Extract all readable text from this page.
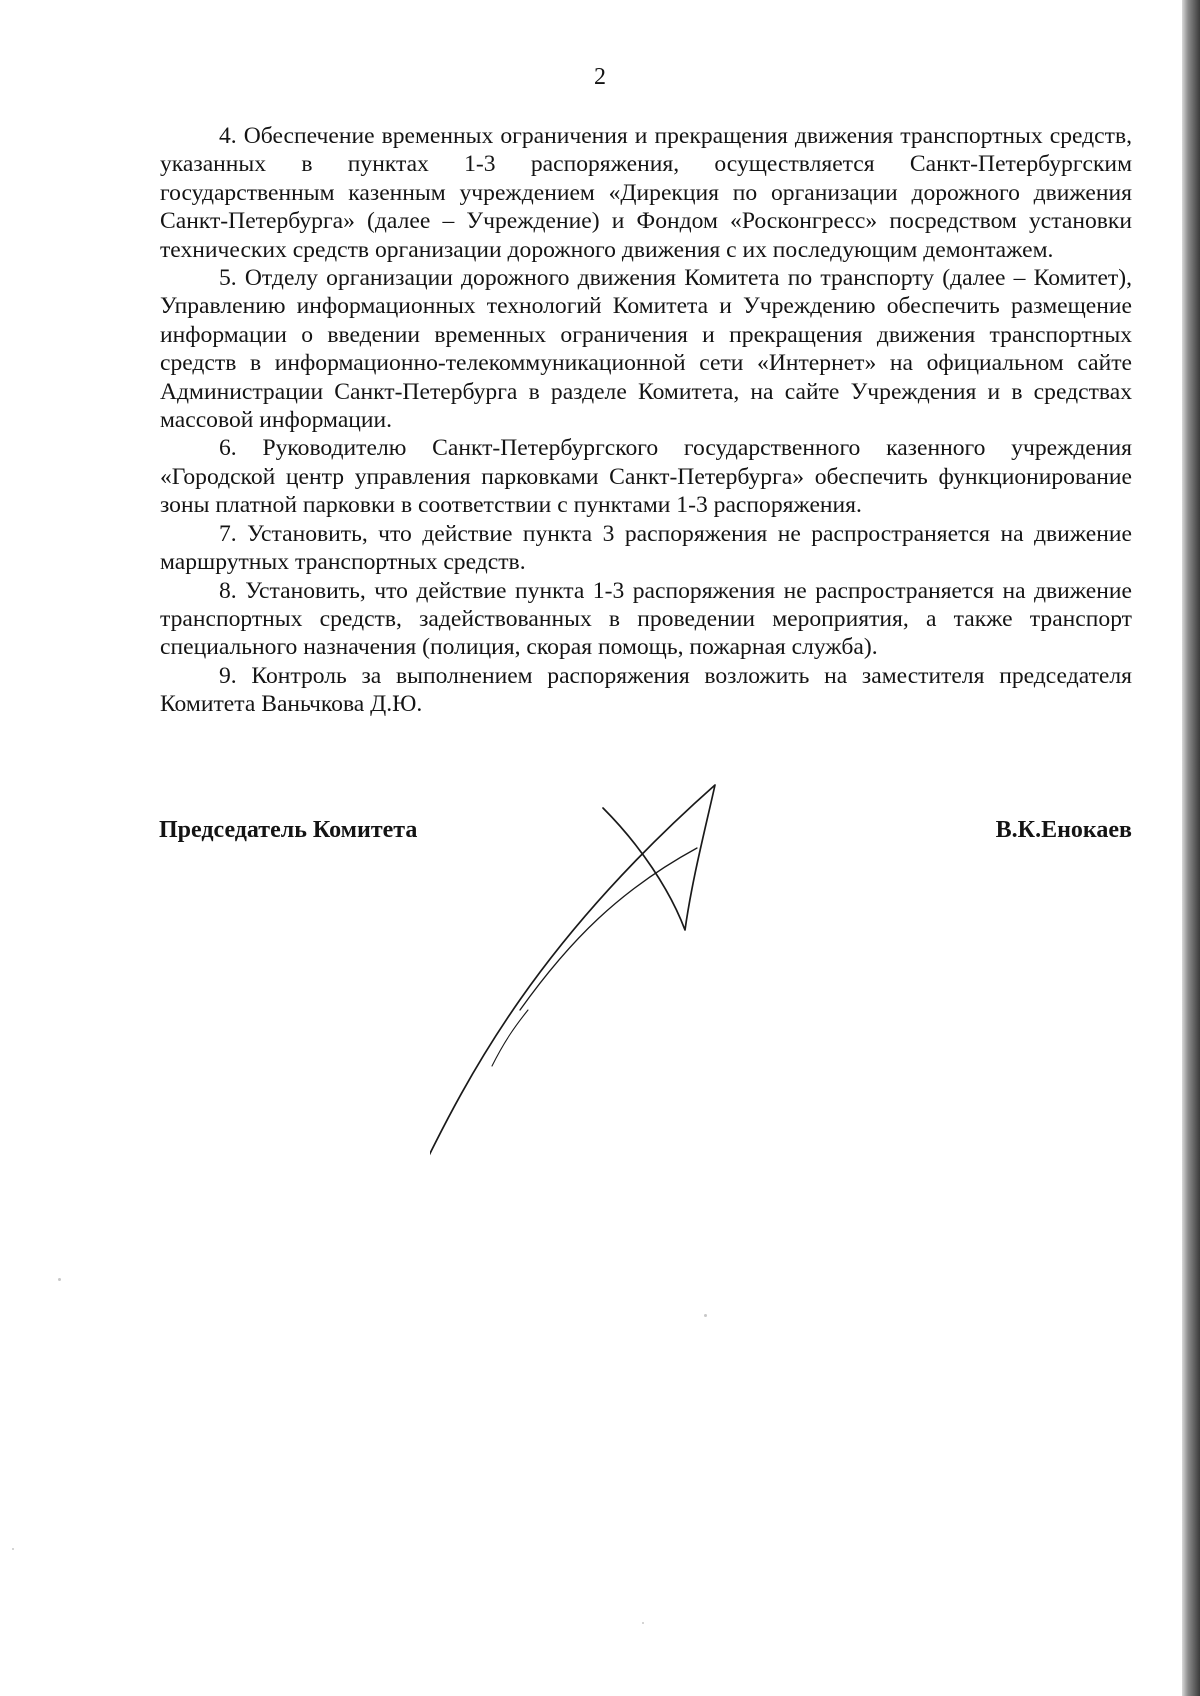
2

4. Обеспечение временных ограничения и прекращения движения транспортных средств, указанных в пунктах 1-3 распоряжения, осуществляется Санкт-Петербургским государственным казенным учреждением «Дирекция по организации дорожного движения Санкт-Петербурга» (далее – Учреждение) и Фондом «Росконгресс» посредством установки технических средств организации дорожного движения с их последующим демонтажем.

5. Отделу организации дорожного движения Комитета по транспорту (далее – Комитет), Управлению информационных технологий Комитета и Учреждению обеспечить размещение информации о введении временных ограничения и прекращения движения транспортных средств в информационно-телекоммуникационной сети «Интернет» на официальном сайте Администрации Санкт-Петербурга в разделе Комитета, на сайте Учреждения и в средствах массовой информации.

6. Руководителю Санкт-Петербургского государственного казенного учреждения «Городской центр управления парковками Санкт-Петербурга» обеспечить функционирование зоны платной парковки в соответствии с пунктами 1-3 распоряжения.

7. Установить, что действие пункта 3 распоряжения не распространяется на движение маршрутных транспортных средств.

8. Установить, что действие пункта 1-3 распоряжения не распространяется на движение транспортных средств, задействованных в проведении мероприятия, а также транспорт специального назначения (полиция, скорая помощь, пожарная служба).

9. Контроль за выполнением распоряжения возложить на заместителя председателя Комитета Ваньчкова Д.Ю.

Председатель Комитета	В.К.Енокаев
